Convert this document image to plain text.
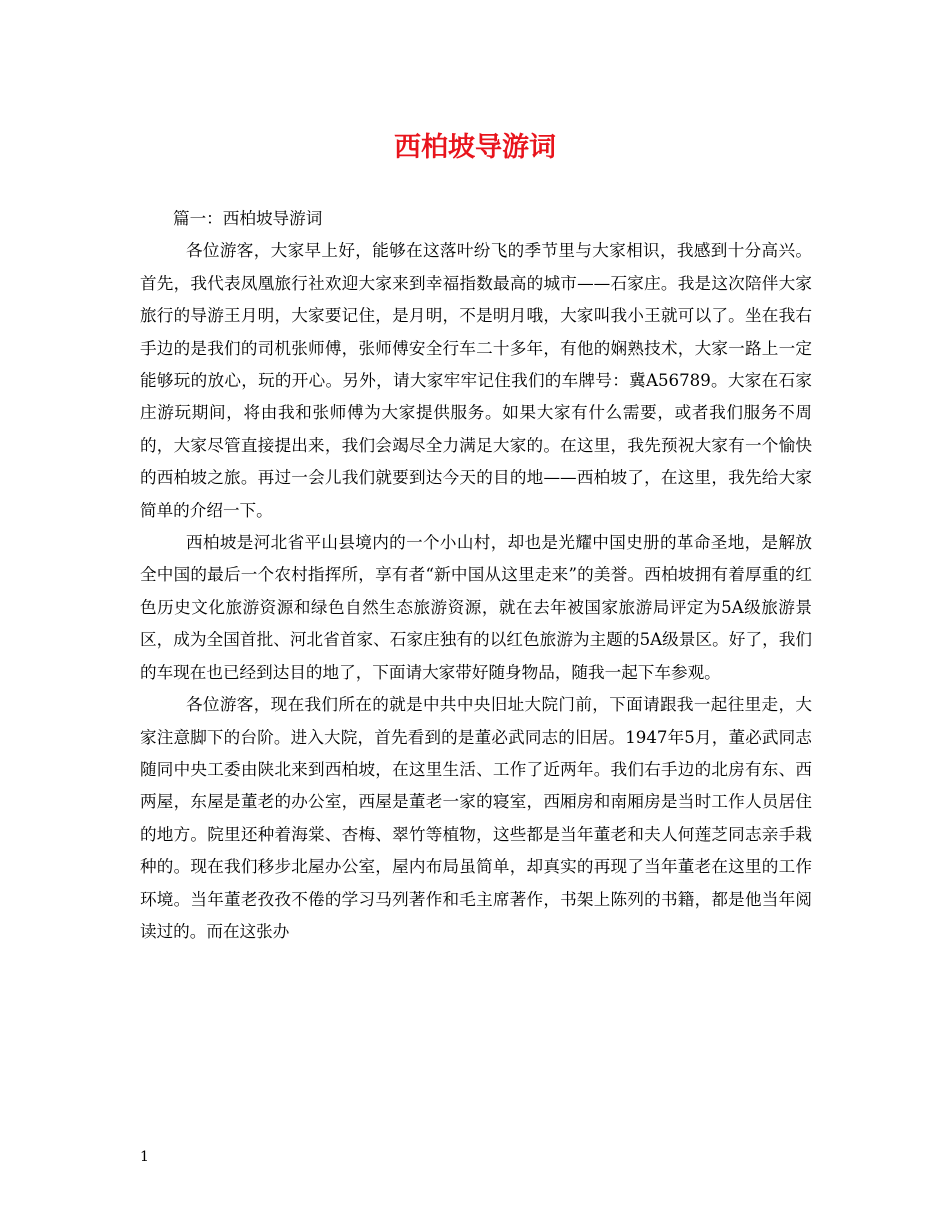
西柏坡导游词

篇一：西柏坡导游词

各位游客，大家早上好，能够在这落叶纷飞的季节里与大家相识，我感到十分高兴。首先，我代表凤凰旅行社欢迎大家来到幸福指数最高的城市——石家庄。我是这次陪伴大家旅行的导游王月明，大家要记住，是月明，不是明月哦，大家叫我小王就可以了。坐在我右手边的是我们的司机张师傅，张师傅安全行车二十多年，有他的娴熟技术，大家一路上一定能够玩的放心，玩的开心。另外，请大家牢牢记住我们的车牌号：冀A56789。大家在石家庄游玩期间，将由我和张师傅为大家提供服务。如果大家有什么需要，或者我们服务不周的，大家尽管直接提出来，我们会竭尽全力满足大家的。在这里，我先预祝大家有一个愉快的西柏坡之旅。再过一会儿我们就要到达今天的目的地——西柏坡了，在这里，我先给大家简单的介绍一下。

西柏坡是河北省平山县境内的一个小山村，却也是光耀中国史册的革命圣地，是解放全中国的最后一个农村指挥所，享有者“新中国从这里走来”的美誉。西柏坡拥有着厚重的红色历史文化旅游资源和绿色自然生态旅游资源，就在去年被国家旅游局评定为5A级旅游景区，成为全国首批、河北省首家、石家庄独有的以红色旅游为主题的5A级景区。好了，我们的车现在也已经到达目的地了，下面请大家带好随身物品，随我一起下车参观。

各位游客，现在我们所在的就是中共中央旧址大院门前，下面请跟我一起往里走，大家注意脚下的台阶。进入大院，首先看到的是董必武同志的旧居。1947年5月，董必武同志随同中央工委由陕北来到西柏坡，在这里生活、工作了近两年。我们右手边的北房有东、西两屋，东屋是董老的办公室，西屋是董老一家的寝室，西厢房和南厢房是当时工作人员居住的地方。院里还种着海棠、杏梅、翠竹等植物，这些都是当年董老和夫人何莲芝同志亲手栽种的。现在我们移步北屋办公室，屋内布局虽简单，却真实的再现了当年董老在这里的工作环境。当年董老孜孜不倦的学习马列著作和毛主席著作，书架上陈列的书籍，都是他当年阅读过的。而在这张办

1
